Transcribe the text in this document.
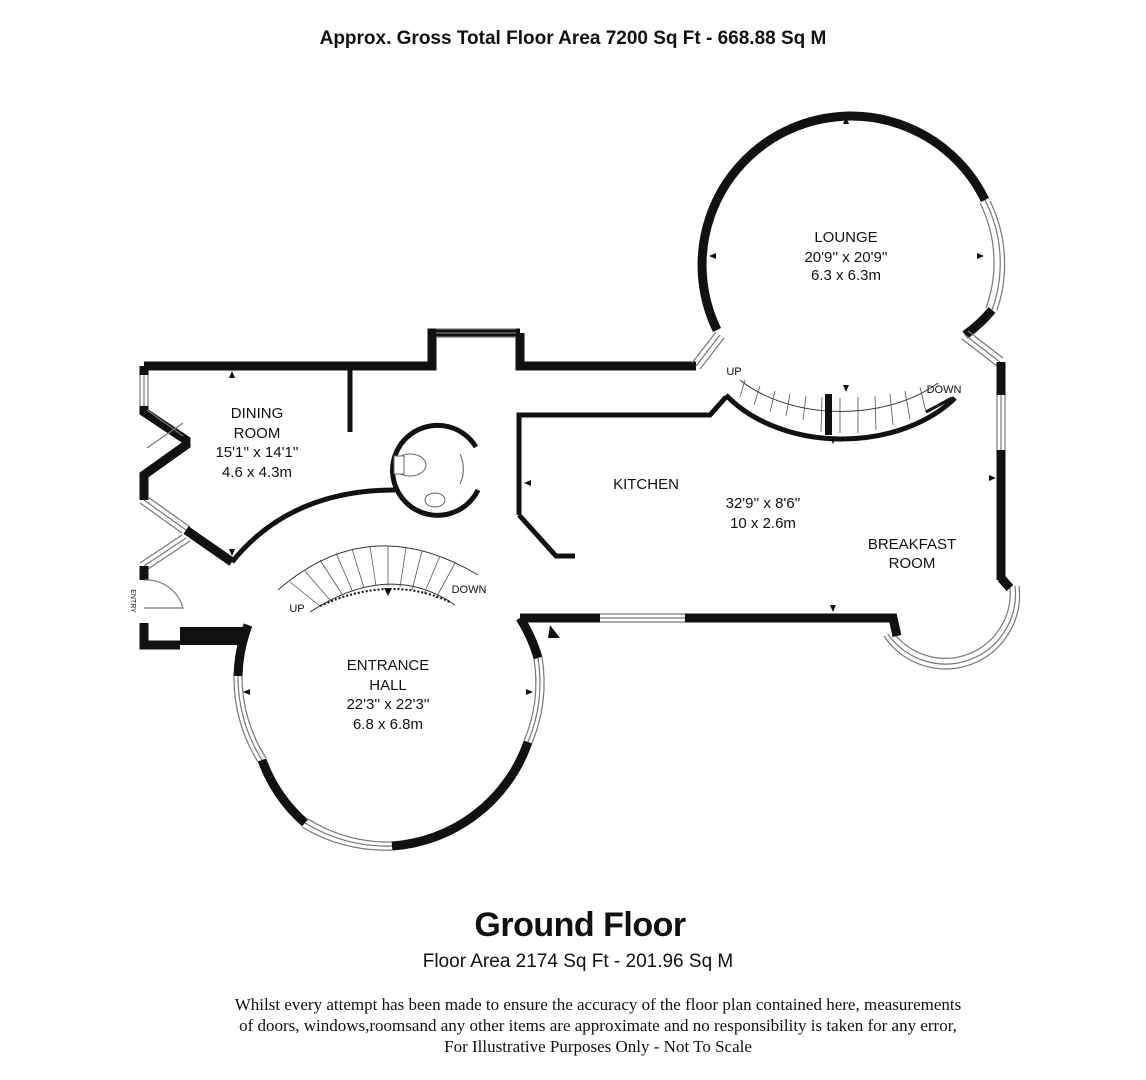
Approx. Gross Total Floor Area 7200 Sq Ft - 668.88 Sq M
UP
DOWN
LOUNGE
20'9'' x 20'9''
6.3 x 6.3m
KITCHEN
32'9'' x 8'6''
10 x 2.6m
BREAKFAST
ROOM
DINING
ROOM
15'1'' x 14'1''
4.6 x 4.3m
UP
DOWN
ENTRY
ENTRANCE
HALL
22'3'' x 22'3''
6.8 x 6.8m
Ground Floor
Floor Area 2174 Sq Ft - 201.96 Sq M
Whilst every attempt has been made to ensure the accuracy of the floor plan contained here, measurements
of doors, windows,roomsand any other items are approximate and no responsibility is taken for any error,
For Illustrative Purposes Only - Not To Scale
